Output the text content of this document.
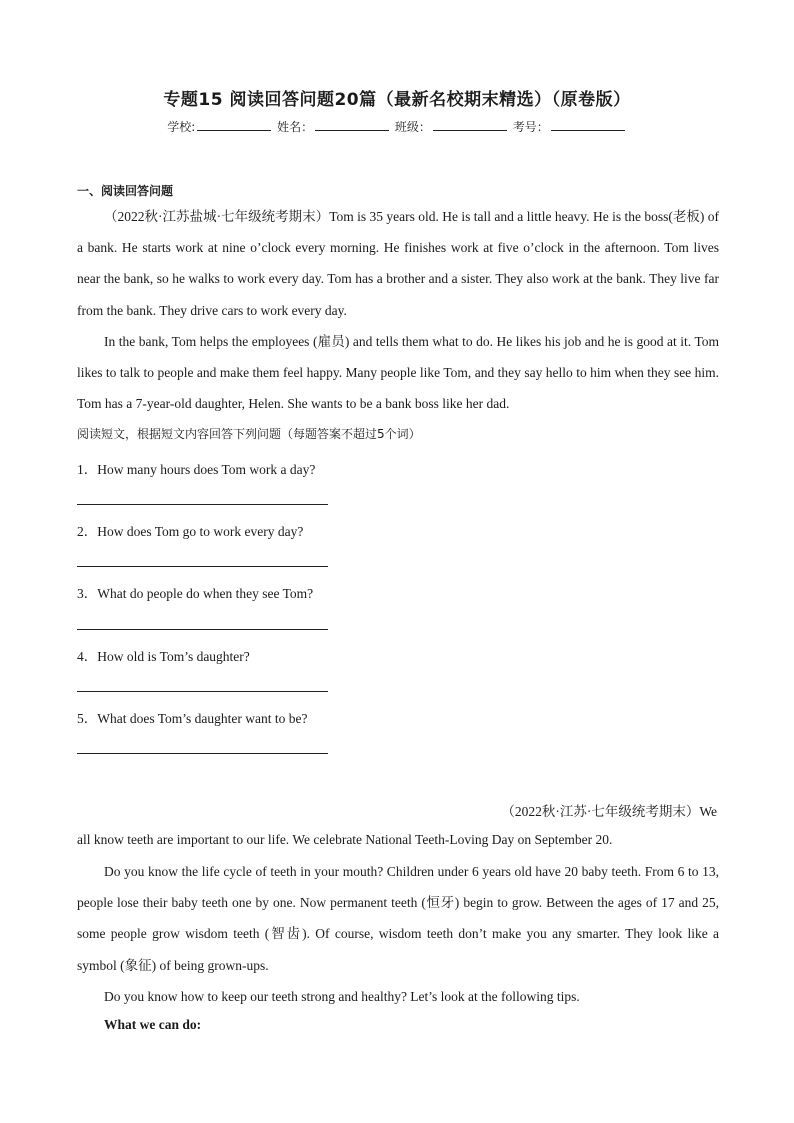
专题15 阅读回答问题20篇（最新名校期末精选）（原卷版）
学校:	姓名：	班级：	考号：
一、阅读回答问题

（2022秋·江苏盐城·七年级统考期末）Tom is 35 years old. He is tall and a little heavy. He is the boss(老板) of a bank. He starts work at nine o’clock every morning. He finishes work at five o’clock in the afternoon. Tom lives near the bank, so he walks to work every day. Tom has a brother and a sister. They also work at the bank. They live far from the bank. They drive cars to work every day.

In the bank, Tom helps the employees (雇员) and tells them what to do. He likes his job and he is good at it. Tom likes to talk to people and make them feel happy. Many people like Tom, and they say hello to him when they see him. Tom has a 7-year-old daughter, Helen. She wants to be a bank boss like her dad.

阅读短文，根据短文内容回答下列问题（每题答案不超过5个词）
1．How many hours does Tom work a day?
2．How does Tom go to work every day?
3．What do people do when they see Tom?
4．How old is Tom’s daughter?
5．What does Tom’s daughter want to be?
（2022秋·江苏·七年级统考期末）We

all know teeth are important to our life. We celebrate National Teeth-Loving Day on September 20.

Do you know the life cycle of teeth in your mouth? Children under 6 years old have 20 baby teeth. From 6 to 13, people lose their baby teeth one by one. Now permanent teeth (恒牙) begin to grow. Between the ages of 17 and 25, some people grow wisdom teeth (智齿). Of course, wisdom teeth don’t make you any smarter. They look like a symbol (象征) of being grown-ups.

Do you know how to keep our teeth strong and healthy? Let’s look at the following tips.

What we can do:
